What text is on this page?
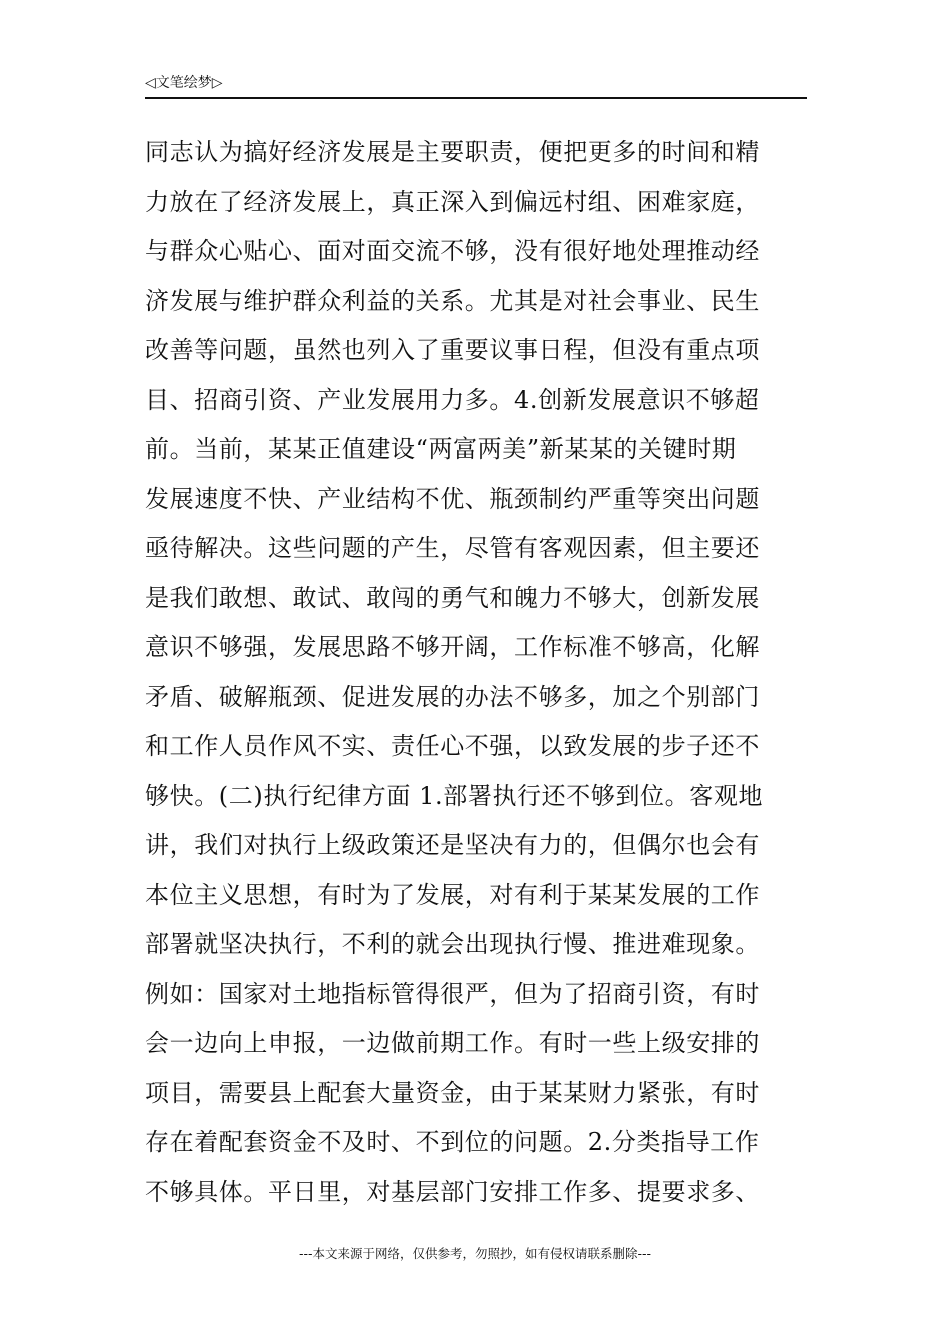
◁文笔绘梦▷
同志认为搞好经济发展是主要职责，便把更多的时间和精
力放在了经济发展上，真正深入到偏远村组、困难家庭，
与群众心贴心、面对面交流不够，没有很好地处理推动经
济发展与维护群众利益的关系。尤其是对社会事业、民生
改善等问题，虽然也列入了重要议事日程，但没有重点项
目、招商引资、产业发展用力多。4.创新发展意识不够超
前。当前，某某正值建设“两富两美”新某某的关键时期
发展速度不快、产业结构不优、瓶颈制约严重等突出问题
亟待解决。这些问题的产生，尽管有客观因素，但主要还
是我们敢想、敢试、敢闯的勇气和魄力不够大，创新发展
意识不够强，发展思路不够开阔，工作标准不够高，化解
矛盾、破解瓶颈、促进发展的办法不够多，加之个别部门
和工作人员作风不实、责任心不强，以致发展的步子还不
够快。(二)执行纪律方面 1.部署执行还不够到位。客观地
讲，我们对执行上级政策还是坚决有力的，但偶尔也会有
本位主义思想，有时为了发展，对有利于某某发展的工作
部署就坚决执行，不利的就会出现执行慢、推进难现象。
例如：国家对土地指标管得很严，但为了招商引资，有时
会一边向上申报，一边做前期工作。有时一些上级安排的
项目，需要县上配套大量资金，由于某某财力紧张，有时
存在着配套资金不及时、不到位的问题。2.分类指导工作
不够具体。平日里，对基层部门安排工作多、提要求多、
---本文来源于网络，仅供参考，勿照抄，如有侵权请联系删除---
